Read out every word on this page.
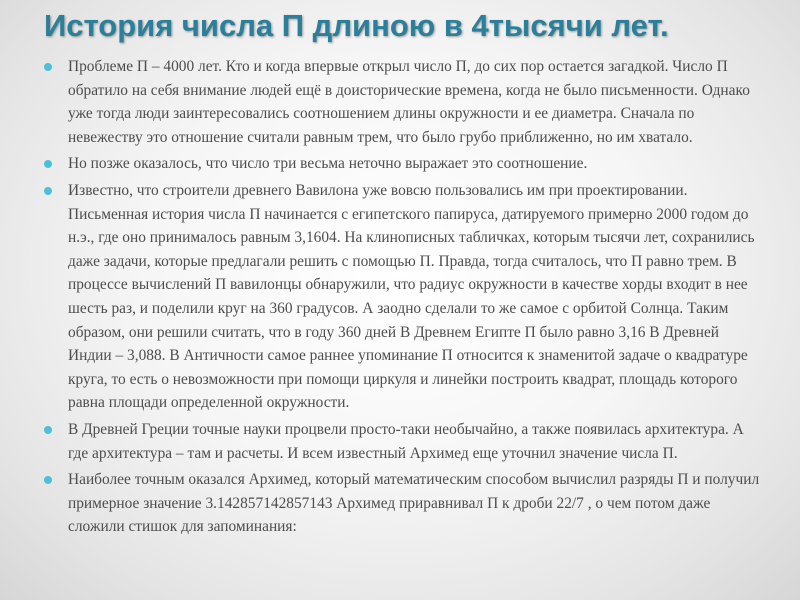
История числа П длиною в 4тысячи лет.
Проблеме П – 4000 лет. Кто и когда впервые открыл число П, до сих пор остается загадкой. Число П обратило на себя внимание людей ещё в доисторические времена, когда не было письменности. Однако уже тогда люди заинтересовались соотношением длины окружности и ее диаметра. Сначала по невежеству это отношение считали равным трем, что было грубо приближенно, но им хватало.
Но позже оказалось, что число три весьма неточно выражает это соотношение.
Известно, что строители древнего Вавилона уже вовсю пользовались им при проектировании. Письменная история числа П начинается с египетского папируса, датируемого примерно 2000 годом до н.э., где оно принималось равным 3,1604. На клинописных табличках, которым тысячи лет, сохранились даже задачи, которые предлагали решить с помощью П. Правда, тогда считалось, что П равно трем. В процессе вычислений П вавилонцы обнаружили, что радиус окружности в качестве хорды входит в нее шесть раз, и поделили круг на 360 градусов. А заодно сделали то же самое с орбитой Солнца. Таким образом, они решили считать, что в году 360 дней В Древнем Египте П было равно 3,16 В Древней Индии – 3,088. В Античности самое раннее упоминание П относится к знаменитой задаче о квадратуре круга, то есть о невозможности при помощи циркуля и линейки построить квадрат, площадь которого равна площади определенной окружности.
В Древней Греции точные науки процвели просто-таки необычайно, а также появилась архитектура. А где архитектура – там и расчеты. И всем известный Архимед еще уточнил значение числа П.
Наиболее точным оказался Архимед, который математическим способом вычислил разряды П и получил примерное значение 3.142857142857143 Архимед приравнивал П к дроби 22/7 , о чем потом даже сложили стишок для запоминания:
